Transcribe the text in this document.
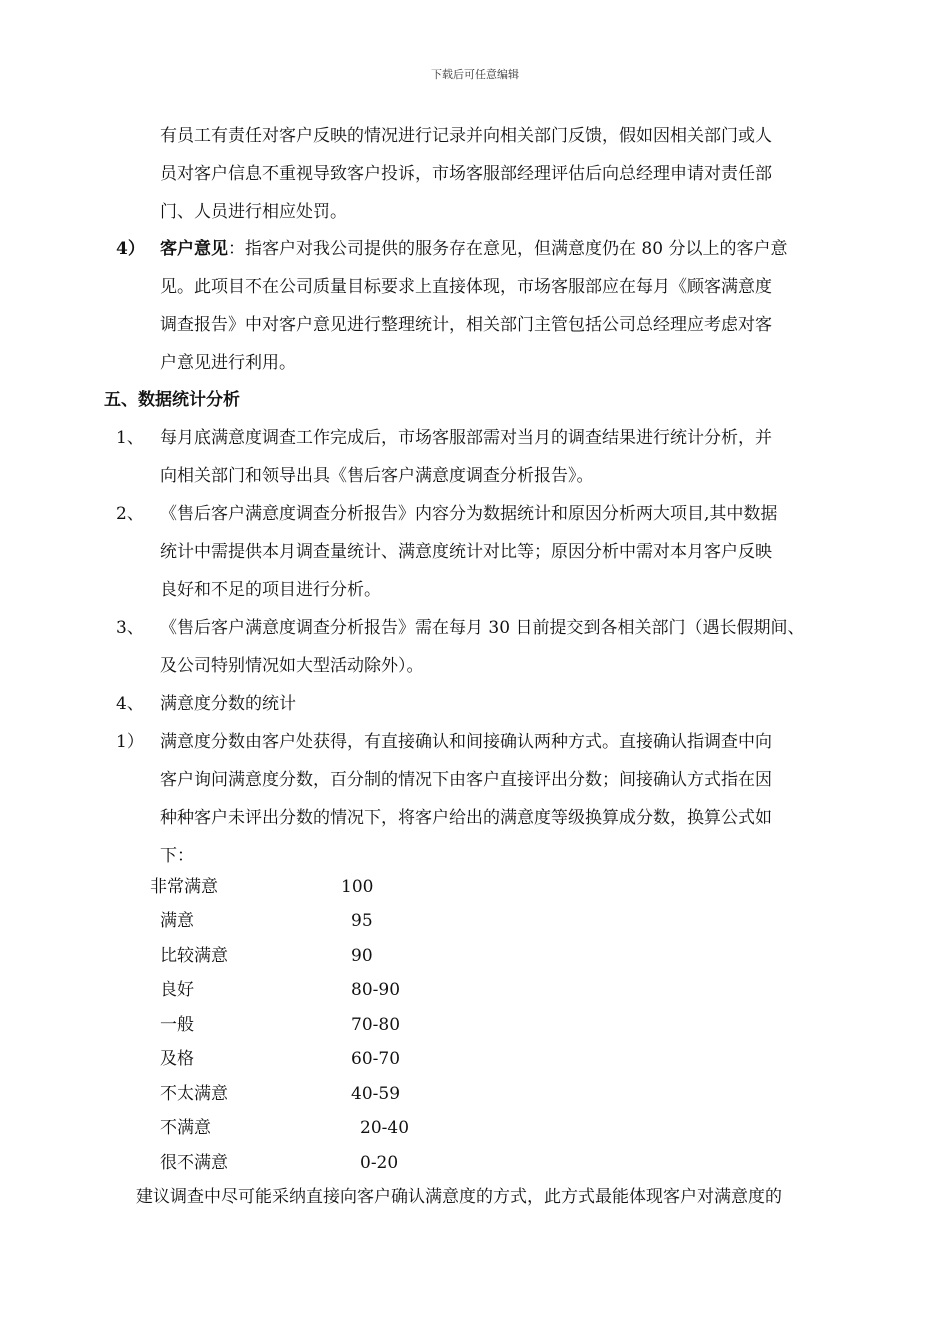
下载后可任意编辑
有员工有责任对客户反映的情况进行记录并向相关部门反馈，假如因相关部门或人
员对客户信息不重视导致客户投诉，市场客服部经理评估后向总经理申请对责任部
门、人员进行相应处罚。
4） 客户意见：指客户对我公司提供的服务存在意见，但满意度仍在 80 分以上的客户意
见。此项目不在公司质量目标要求上直接体现，市场客服部应在每月《顾客满意度
调查报告》中对客户意见进行整理统计，相关部门主管包括公司总经理应考虑对客
户意见进行利用。
五、数据统计分析
1、 每月底满意度调查工作完成后，市场客服部需对当月的调查结果进行统计分析，并
向相关部门和领导出具《售后客户满意度调查分析报告》。
2、 《售后客户满意度调查分析报告》内容分为数据统计和原因分析两大项目,其中数据
统计中需提供本月调查量统计、满意度统计对比等；原因分析中需对本月客户反映
良好和不足的项目进行分析。
3、 《售后客户满意度调查分析报告》需在每月 30 日前提交到各相关部门（遇长假期间、
及公司特别情况如大型活动除外）。
4、 满意度分数的统计
1） 满意度分数由客户处获得，有直接确认和间接确认两种方式。直接确认指调查中向
客户询问满意度分数，百分制的情况下由客户直接评出分数；间接确认方式指在因
种种客户未评出分数的情况下，将客户给出的满意度等级换算成分数，换算公式如
下：
非常满意	100
满意	95
比较满意	90
良好	80-90
一般	70-80
及格	60-70
不太满意	40-59
不满意	20-40
很不满意	0-20
建议调查中尽可能采纳直接向客户确认满意度的方式，此方式最能体现客户对满意度的
